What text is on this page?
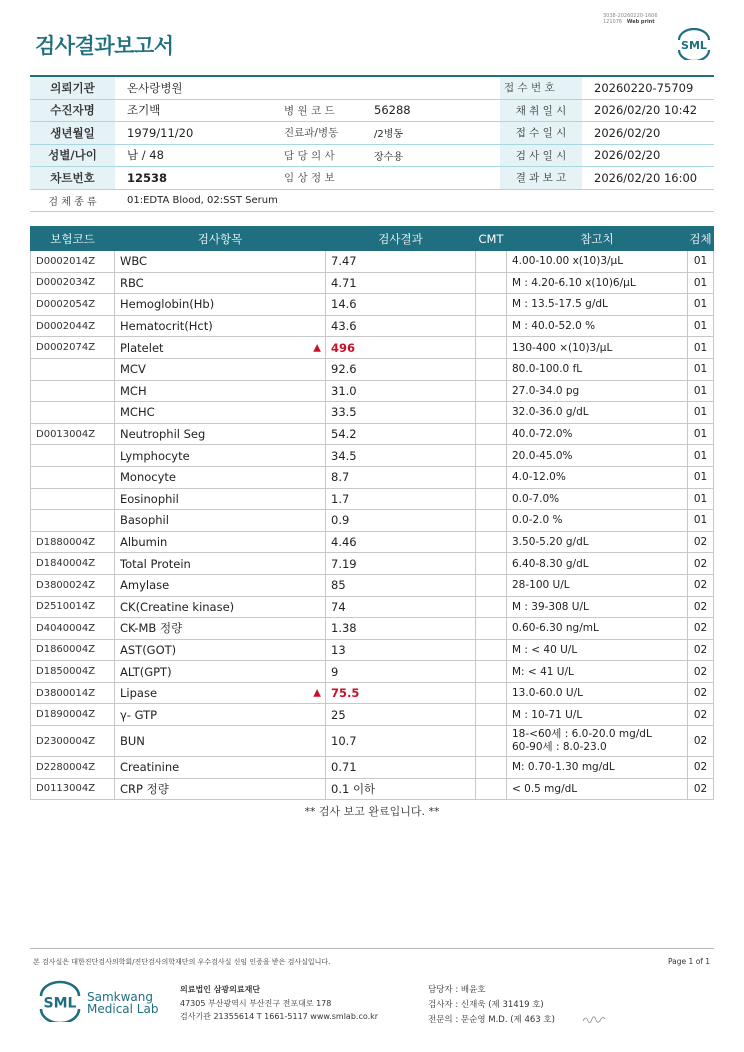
검사결과보고서
3038-20260220-1606
121076 Web print
SML
의뢰기관	온사랑병원			접 수 번 호	20260220-75709
수진자명	조기백	병 원 코 드	56288	채 취 일 시	2026/02/20 10:42
생년월일	1979/11/20	진료과/병동	/2병동	접 수 일 시	2026/02/20
성별/나이	남 / 48	담 당 의 사	장수용	검 사 일 시	2026/02/20
차트번호	12538	임 상 정 보		결 과 보 고	2026/02/20 16:00
검 체 종 류	01:EDTA Blood, 02:SST Serum				
보험코드	검사항목	검사결과	CMT	참고치	검체
D0002014Z	WBC	7.47		4.00-10.00 x(10)3/μL	01
D0002034Z	RBC	4.71		M : 4.20-6.10 x(10)6/μL	01
D0002054Z	Hemoglobin(Hb)	14.6		M : 13.5-17.5 g/dL	01
D0002044Z	Hematocrit(Hct)	43.6		M : 40.0-52.0 %	01
D0002074Z	Platelet ▲	496		130-400 ×(10)3/μL	01
	MCV	92.6		80.0-100.0 fL	01
	MCH	31.0		27.0-34.0 pg	01
	MCHC	33.5		32.0-36.0 g/dL	01
D0013004Z	Neutrophil Seg	54.2		40.0-72.0%	01
	Lymphocyte	34.5		20.0-45.0%	01
	Monocyte	8.7		4.0-12.0%	01
	Eosinophil	1.7		0.0-7.0%	01
	Basophil	0.9		0.0-2.0 %	01
D1880004Z	Albumin	4.46		3.50-5.20 g/dL	02
D1840004Z	Total Protein	7.19		6.40-8.30 g/dL	02
D3800024Z	Amylase	85		28-100 U/L	02
D2510014Z	CK(Creatine kinase)	74		M : 39-308 U/L	02
D4040004Z	CK-MB 정량	1.38		0.60-6.30 ng/mL	02
D1860004Z	AST(GOT)	13		M : < 40 U/L	02
D1850004Z	ALT(GPT)	9		M: < 41 U/L	02
D3800014Z	Lipase ▲	75.5		13.0-60.0 U/L	02
D1890004Z	γ- GTP	25		M : 10-71 U/L	02
D2300004Z	BUN	10.7		18-<60세 : 6.0-20.0 mg/dL
60-90세 : 8.0-23.0	02
D2280004Z	Creatinine	0.71		M: 0.70-1.30 mg/dL	02
D0113004Z	CRP 정량	0.1 이하		< 0.5 mg/dL	02
** 검사 보고 완료입니다. **
본 검사실은 대한진단검사의학회/진단검사의학재단의 우수검사실 신임 인증을 받은 검사실입니다.	Page 1 of 1
SML Samkwang
Medical Lab
의료법인 삼광의료재단
47305 부산광역시 부산진구 전포대로 178
검사기관 21355614 T 1661-5117 www.smlab.co.kr
담당자 : 배윤호
검사자 : 신재욱 (제 31419 호)
전문의 : 문순영 M.D. (제 463 호)
